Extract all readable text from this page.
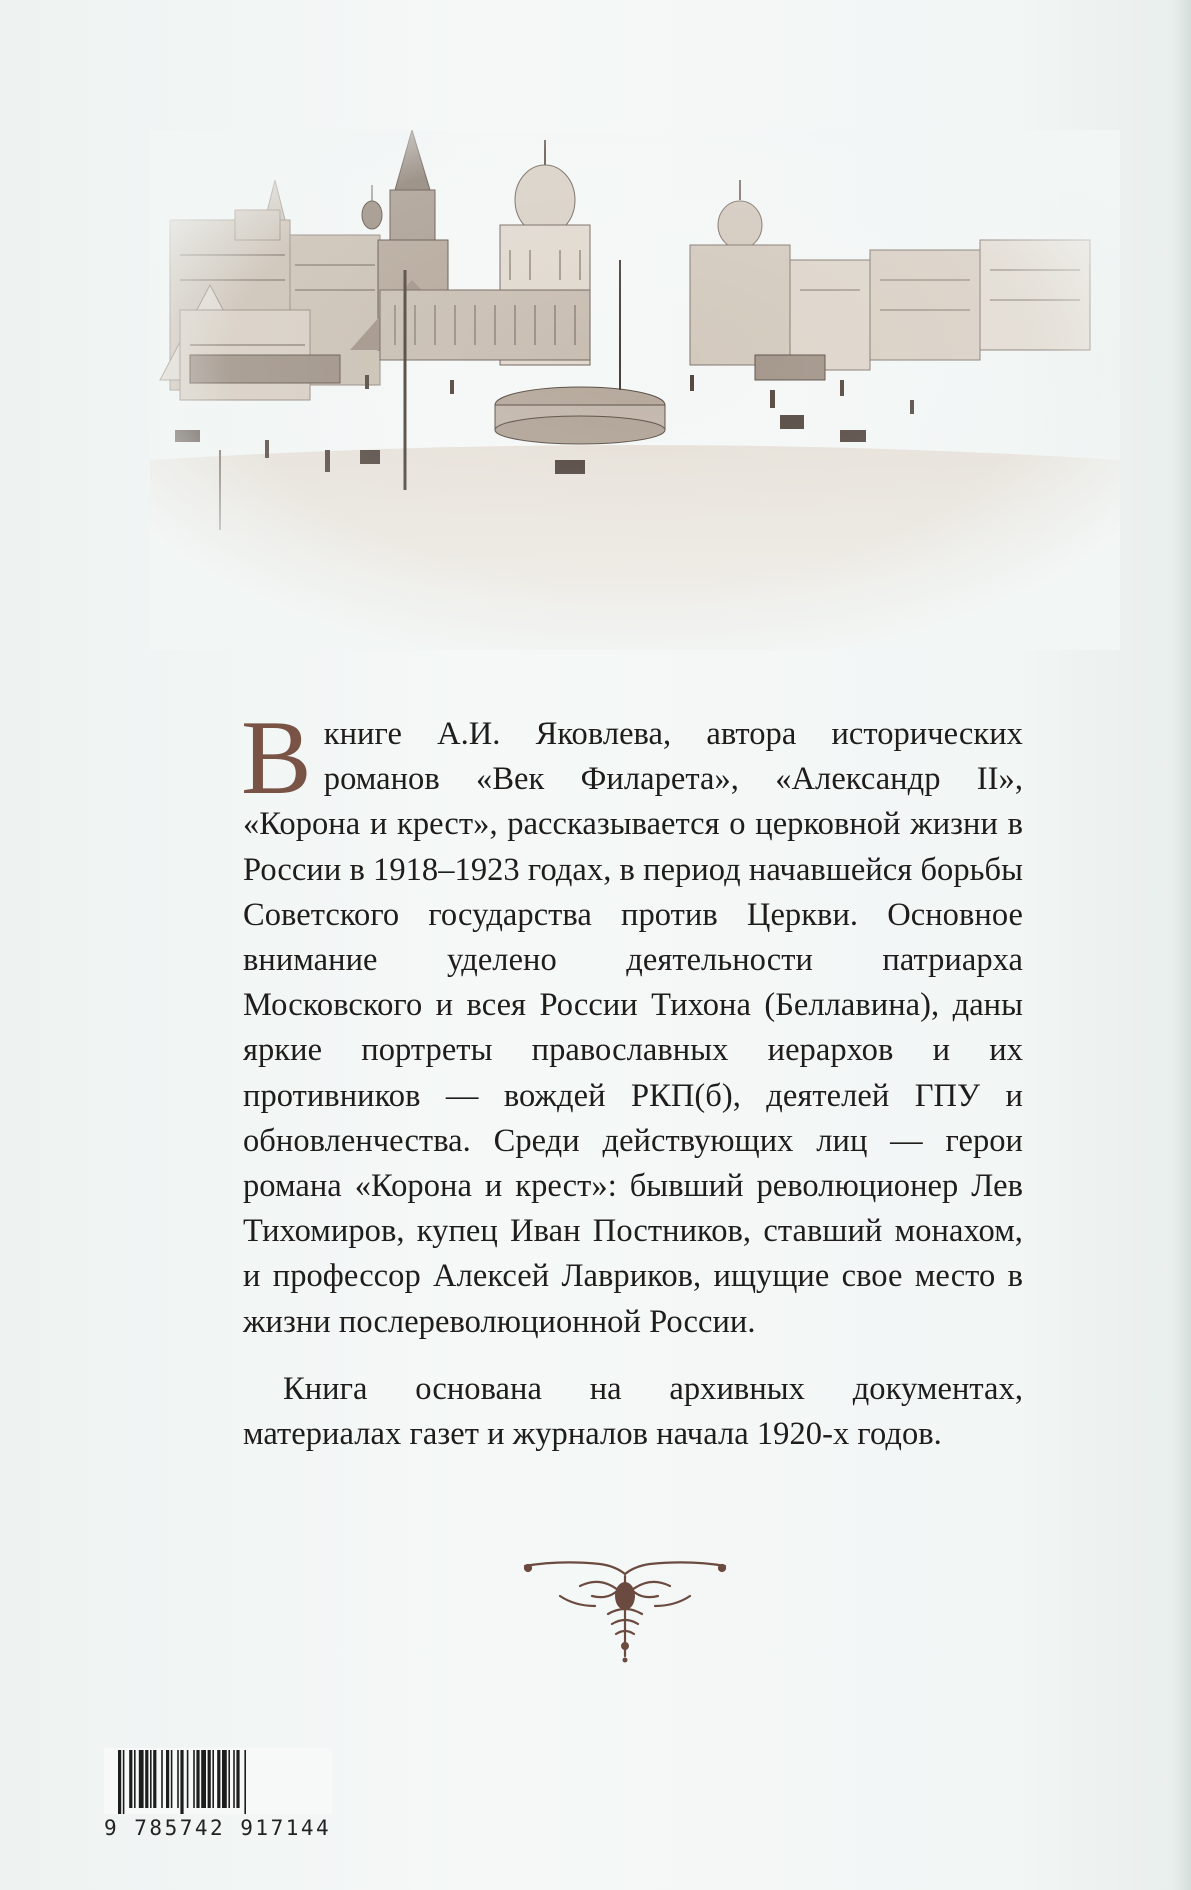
В книге А.И. Яковлева, автора исторических романов «Век Филарета», «Александр II», «Корона и крест», рассказывается о церковной жизни в России в 1918–1923 годах, в период начавшейся борьбы Советского государства против Церкви. Основное внимание уделено деятельности патриарха Московского и всея России Тихона (Беллавина), даны яркие портреты православных иерархов и их противников — вождей РКП(б), деятелей ГПУ и обновленчества. Среди действующих лиц — герои романа «Корона и крест»: бывший революционер Лев Тихомиров, купец Иван Постников, ставший монахом, и профессор Алексей Лавриков, ищущие свое место в жизни послереволюционной России.

Книга основана на архивных документах, материалах газет и журналов начала 1920-х годов.

9 785742 917144
